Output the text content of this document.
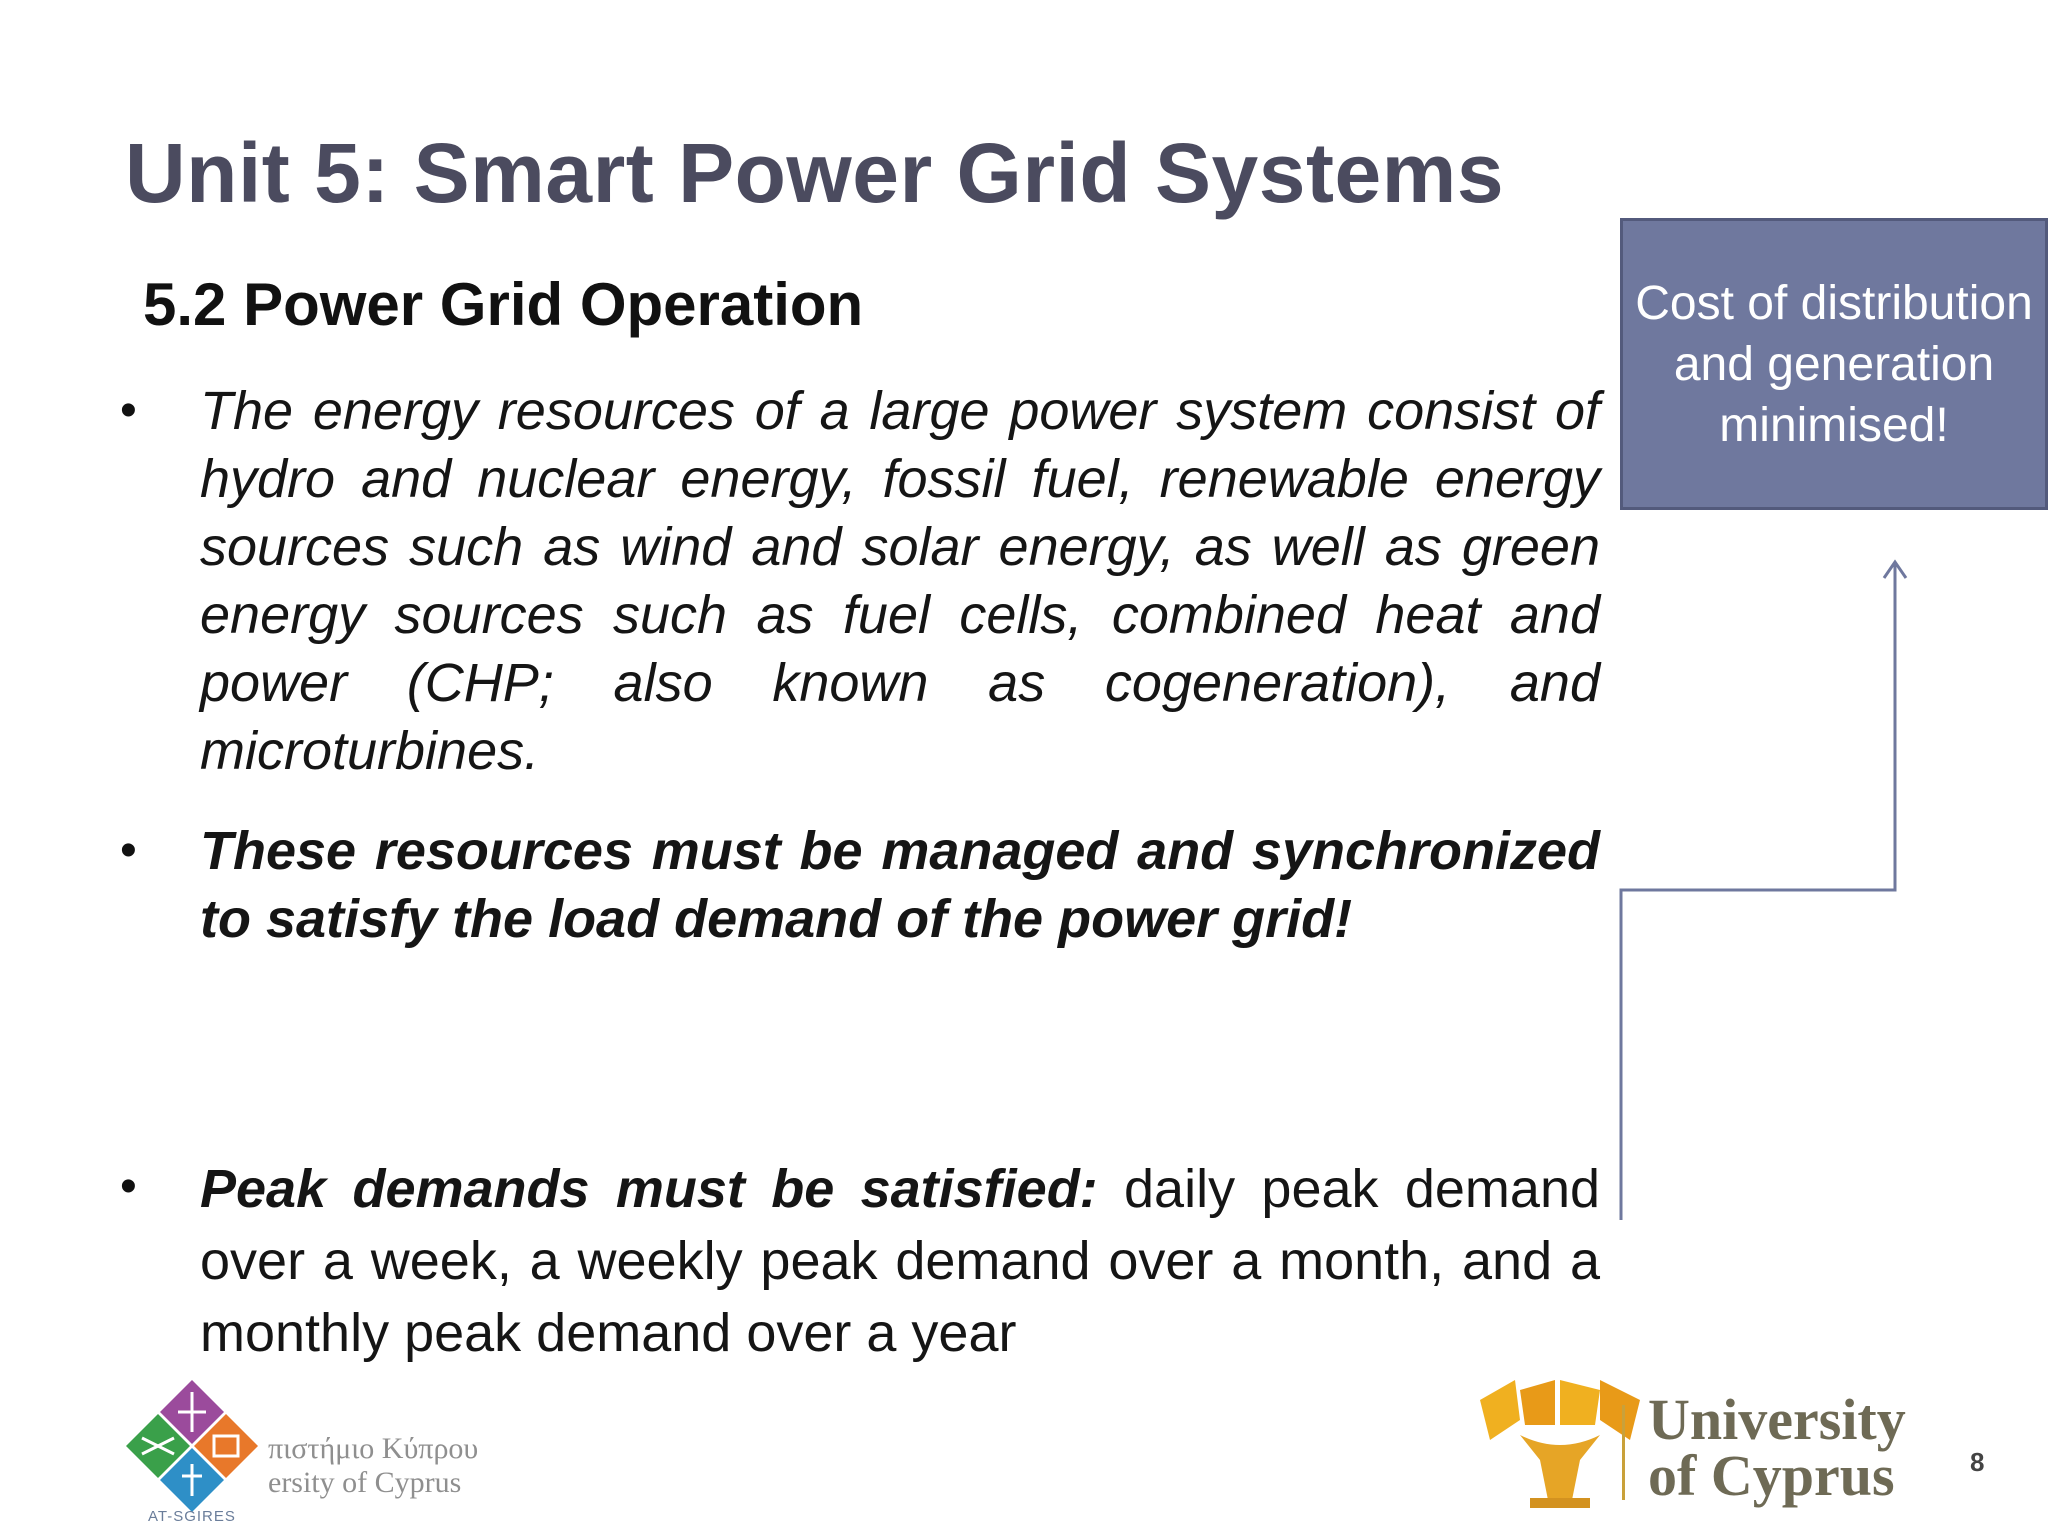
Unit 5: Smart Power Grid Systems
5.2 Power Grid Operation
• The energy resources of a large power system consist of hydro and nuclear energy, fossil fuel, renewable energy sources such as wind and solar energy, as well as green energy sources such as fuel cells, combined heat and power (CHP; also known as cogeneration), and microturbines.
• These resources must be managed and synchronized to satisfy the load demand of the power grid!
• Peak demands must be satisfied: daily peak demand over a week, a weekly peak demand over a month, and a monthly peak demand over a year
Cost of distribution and generation minimised!
πιστήμιο Κύπρου
ersity of Cyprus
AT-SGIRES
University
of Cyprus	8
